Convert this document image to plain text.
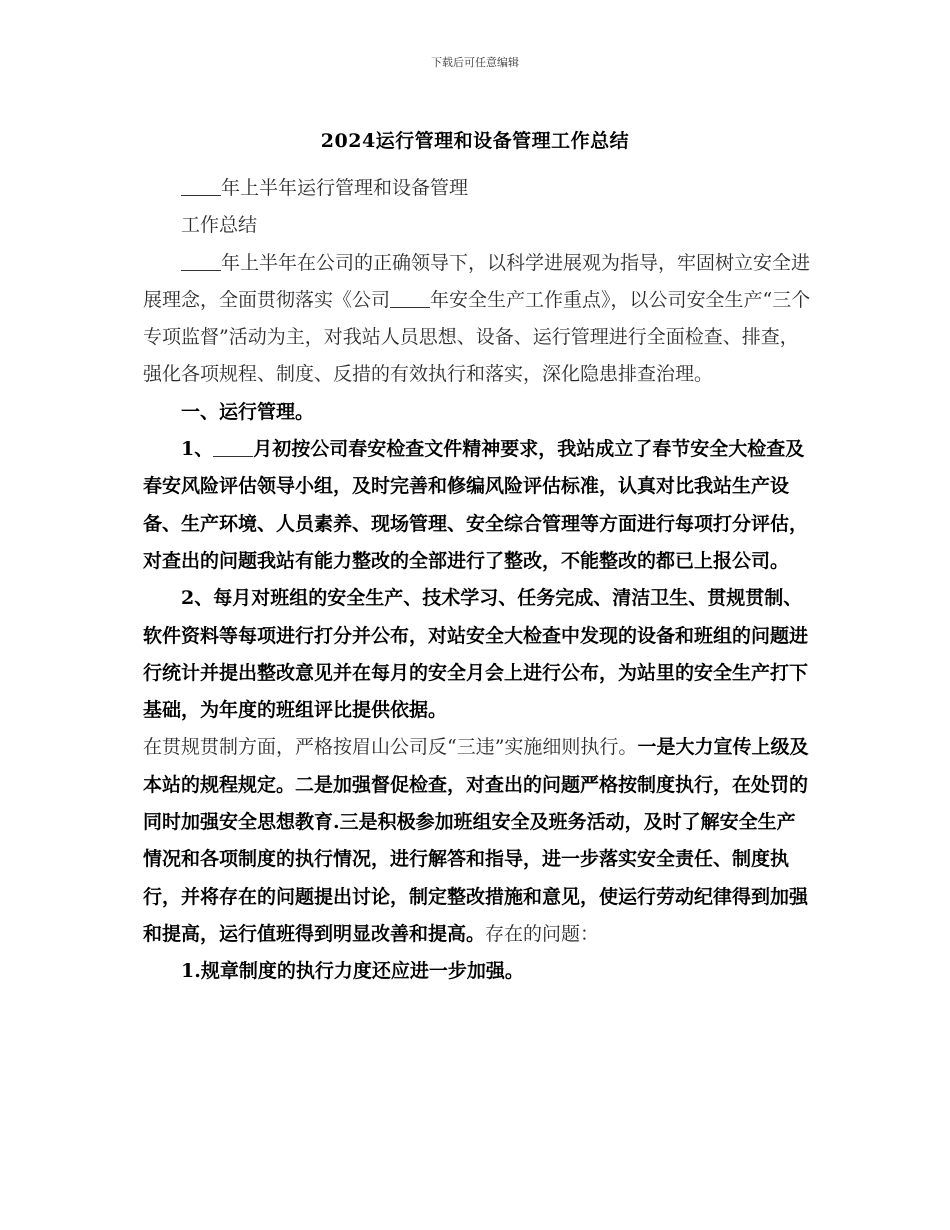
下载后可任意编辑
2024运行管理和设备管理工作总结

年上半年运行管理和设备管理

工作总结

年上半年在公司的正确领导下，以科学进展观为指导，牢固树立安全进展理念，全面贯彻落实《公司 年安全生产工作重点》，以公司安全生产“三个专项监督”活动为主，对我站人员思想、设备、运行管理进行全面检查、排查，强化各项规程、制度、反措的有效执行和落实，深化隐患排查治理。

一、运行管理。

1、 月初按公司春安检查文件精神要求，我站成立了春节安全大检查及春安风险评估领导小组，及时完善和修编风险评估标准，认真对比我站生产设备、生产环境、人员素养、现场管理、安全综合管理等方面进行每项打分评估，对查出的问题我站有能力整改的全部进行了整改，不能整改的都已上报公司。

2、每月对班组的安全生产、技术学习、任务完成、清洁卫生、贯规贯制、软件资料等每项进行打分并公布，对站安全大检查中发现的设备和班组的问题进行统计并提出整改意见并在每月的安全月会上进行公布，为站里的安全生产打下基础，为年度的班组评比提供依据。

在贯规贯制方面，严格按眉山公司反“三违”实施细则执行。一是大力宣传上级及本站的规程规定。二是加强督促检查，对查出的问题严格按制度执行，在处罚的同时加强安全思想教育.三是积极参加班组安全及班务活动，及时了解安全生产情况和各项制度的执行情况，进行解答和指导，进一步落实安全责任、制度执行，并将存在的问题提出讨论，制定整改措施和意见，使运行劳动纪律得到加强和提高，运行值班得到明显改善和提高。存在的问题：

1.规章制度的执行力度还应进一步加强。
